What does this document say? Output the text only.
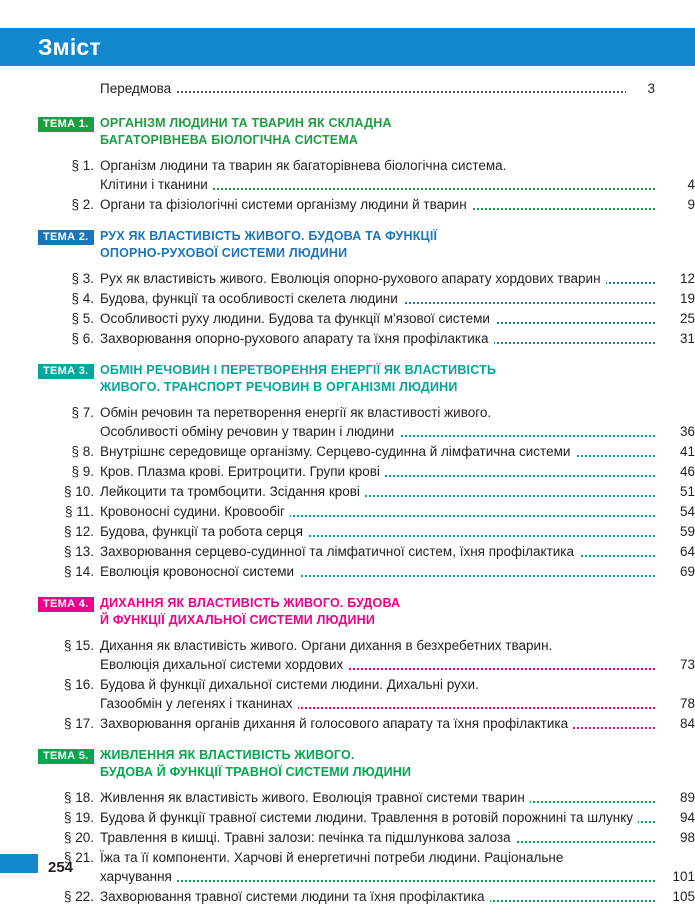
Зміст
Передмова	3
ТЕМА 1. ОРГАНІЗМ ЛЮДИНИ ТА ТВАРИН ЯК СКЛАДНА
БАГАТОРІВНЕВА БІОЛОГІЧНА СИСТЕМА
§ 1. Організм людини та тварин як багаторівнева біологічна система.
Клітини і тканини	4
§ 2. Органи та фізіологічні системи організму людини й тварин	9
ТЕМА 2. РУХ ЯК ВЛАСТИВІСТЬ ЖИВОГО. БУДОВА ТА ФУНКЦІЇ
ОПОРНО-РУХОВОЇ СИСТЕМИ ЛЮДИНИ
§ 3. Рух як властивість живого. Еволюція опорно-рухового апарату хордових тварин	12
§ 4. Будова, функції та особливості скелета людини	19
§ 5. Особливості руху людини. Будова та функції м'язової системи	25
§ 6. Захворювання опорно-рухового апарату та їхня профілактика	31
ТЕМА 3. ОБМІН РЕЧОВИН І ПЕРЕТВОРЕННЯ ЕНЕРГІЇ ЯК ВЛАСТИВІСТЬ
ЖИВОГО. ТРАНСПОРТ РЕЧОВИН В ОРГАНІЗМІ ЛЮДИНИ
§ 7. Обмін речовин та перетворення енергії як властивості живого.
Особливості обміну речовин у тварин і людини	36
§ 8. Внутрішнє середовище організму. Серцево-судинна й лімфатична системи	41
§ 9. Кров. Плазма крові. Еритроцити. Групи крові	46
§ 10. Лейкоцити та тромбоцити. Зсідання крові	51
§ 11. Кровоносні судини. Кровообіг	54
§ 12. Будова, функції та робота серця	59
§ 13. Захворювання серцево-судинної та лімфатичної систем, їхня профілактика	64
§ 14. Еволюція кровоносної системи	69
ТЕМА 4. ДИХАННЯ ЯК ВЛАСТИВІСТЬ ЖИВОГО. БУДОВА
Й ФУНКЦІЇ ДИХАЛЬНОЇ СИСТЕМИ ЛЮДИНИ
§ 15. Дихання як властивість живого. Органи дихання в безхребетних тварин.
Еволюція дихальної системи хордових	73
§ 16. Будова й функції дихальної системи людини. Дихальні рухи.
Газообмін у легенях і тканинах	78
§ 17. Захворювання органів дихання й голосового апарату та їхня профілактика	84
ТЕМА 5. ЖИВЛЕННЯ ЯК ВЛАСТИВІСТЬ ЖИВОГО.
БУДОВА Й ФУНКЦІЇ ТРАВНОЇ СИСТЕМИ ЛЮДИНИ
§ 18. Живлення як властивість живого. Еволюція травної системи тварин	89
§ 19. Будова й функції травної системи людини. Травлення в ротовій порожнині та шлунку	94
§ 20. Травлення в кишці. Травні залози: печінка та підшлункова залоза	98
§ 21. Їжа та її компоненти. Харчові й енергетичні потреби людини. Раціональне
харчування	101
§ 22. Захворювання травної системи людини та їхня профілактика	105
254
